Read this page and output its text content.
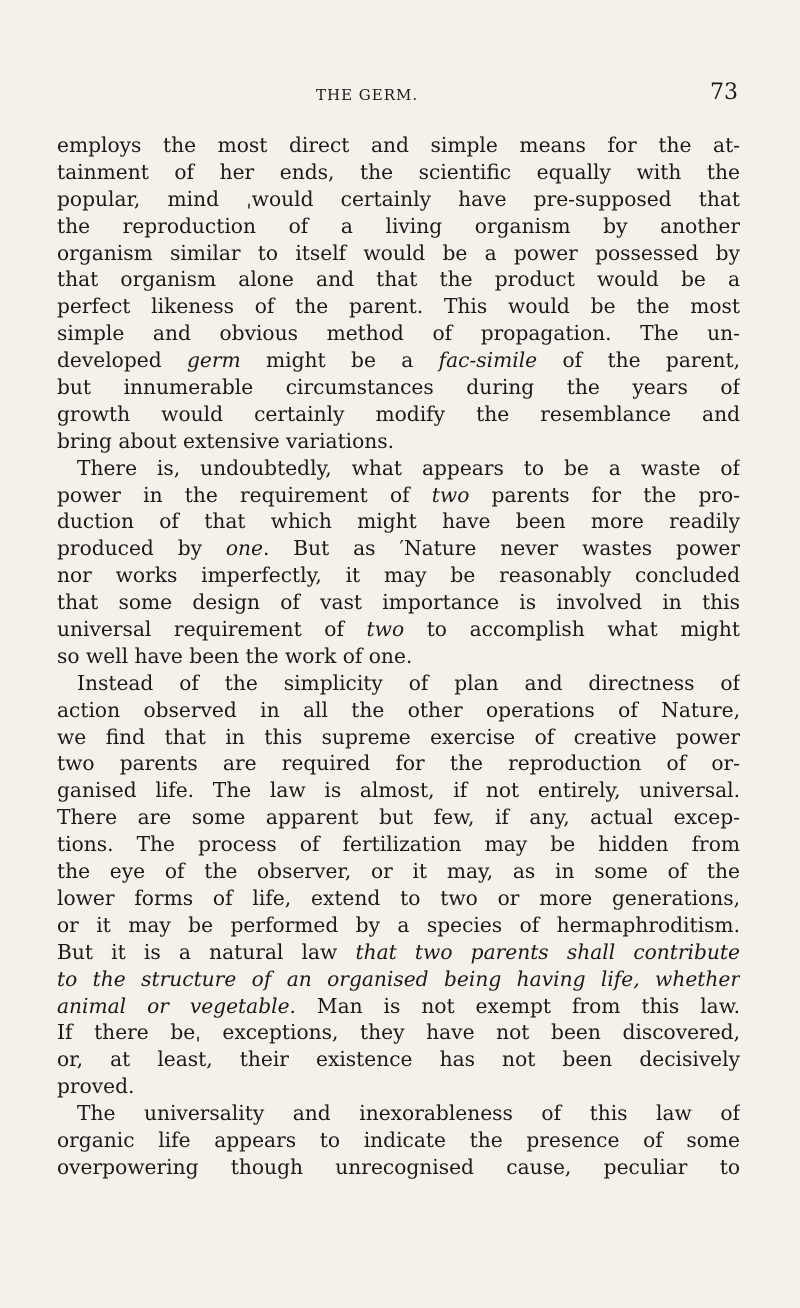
THE GERM.	73
employs the most direct and simple means for the at-
tainment of her ends, the scientific equally with the
popular, mind ˌwould certainly have pre-supposed that
the reproduction of a living organism by another
organism similar to itself would be a power possessed by
that organism alone and that the product would be a
perfect likeness of the parent. This would be the most
simple and obvious method of propagation. The un-
developed germ might be a fac-simile of the parent,
but innumerable circumstances during the years of
growth would certainly modify the resemblance and
bring about extensive variations.
There is, undoubtedly, what appears to be a waste of
power in the requirement of two parents for the pro-
duction of that which might have been more readily
produced by one. But as ′Nature never wastes power
nor works imperfectly, it may be reasonably concluded
that some design of vast importance is involved in this
universal requirement of two to accomplish what might
so well have been the work of one.
Instead of the simplicity of plan and directness of
action observed in all the other operations of Nature,
we find that in this supreme exercise of creative power
two parents are required for the reproduction of or-
ganised life. The law is almost, if not entirely, universal.
There are some apparent but few, if any, actual excep-
tions. The process of fertilization may be hidden from
the eye of the observer, or it may, as in some of the
lower forms of life, extend to two or more generations,
or it may be performed by a species of hermaphroditism.
But it is a natural law that two parents shall contribute
to the structure of an organised being having life, whether
animal or vegetable. Man is not exempt from this law.
If there beˌ exceptions, they have not been discovered,
or, at least, their existence has not been decisively
proved.
The universality and inexorableness of this law of
organic life appears to indicate the presence of some
overpowering though unrecognised cause, peculiar to
